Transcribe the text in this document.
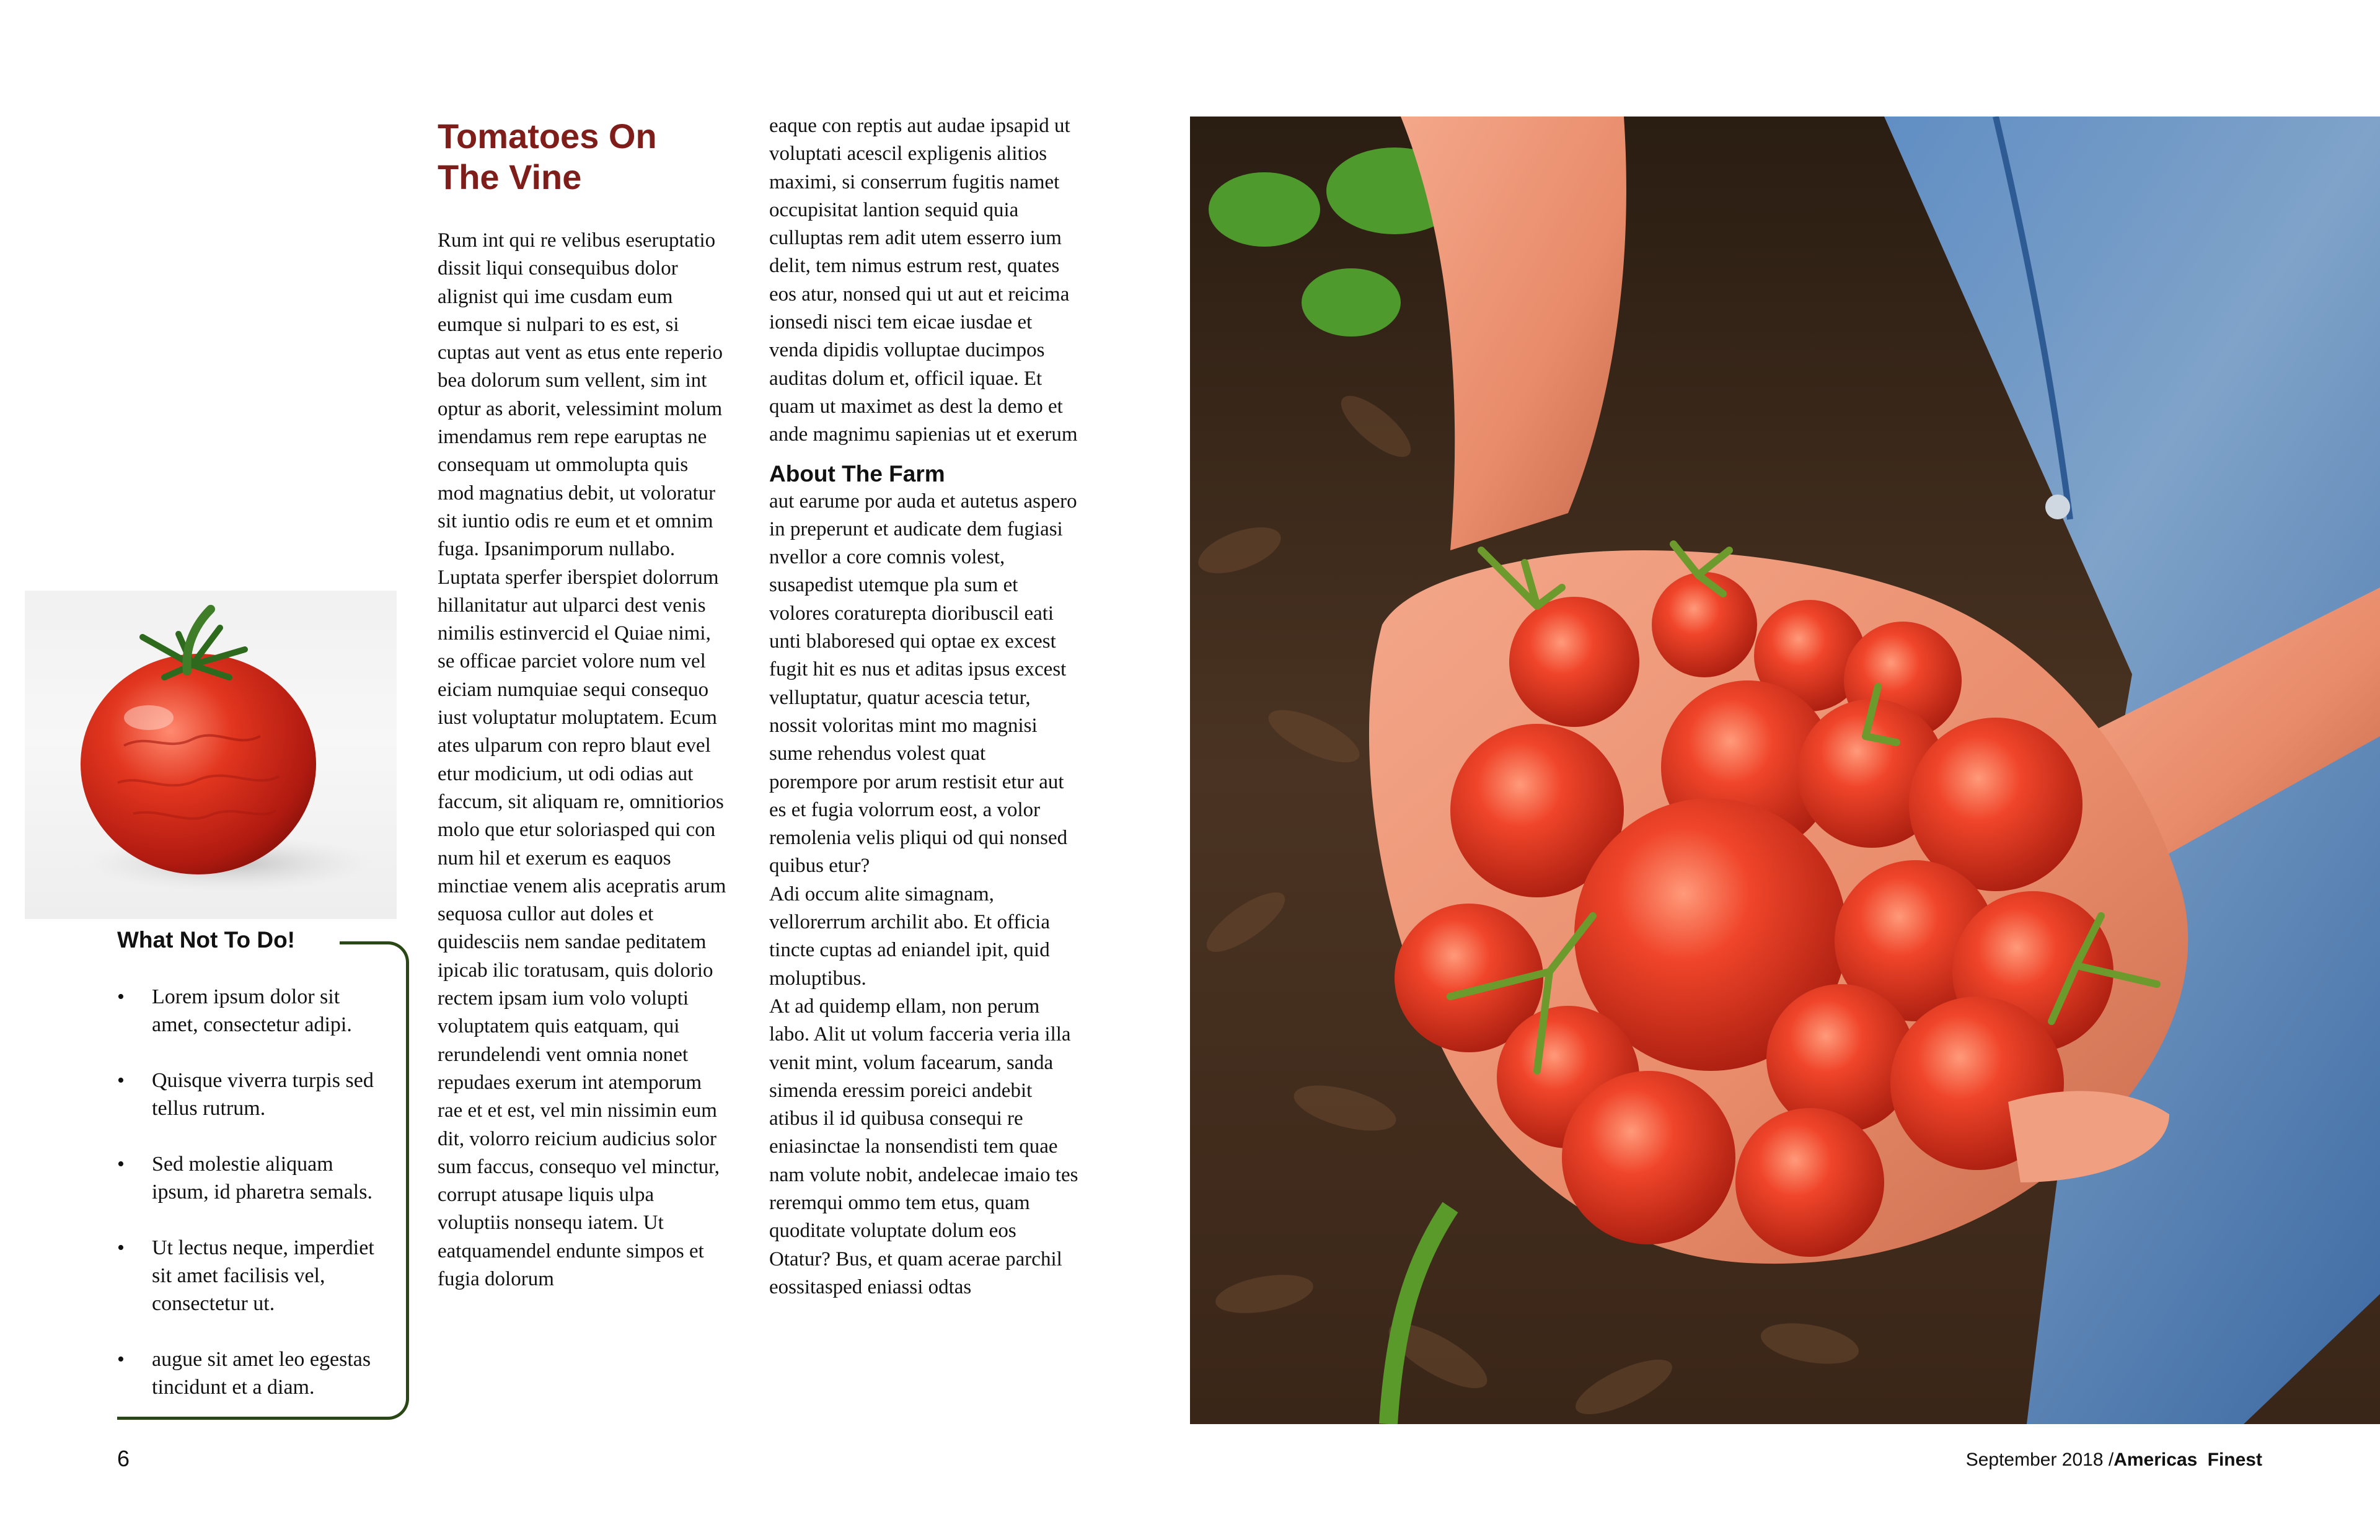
What Not To Do!
• Lorem ipsum dolor sit amet, consectetur adipi.
• Quisque viverra turpis sed tellus rutrum.
• Sed molestie aliquam ipsum, id pharetra semals.
• Ut lectus neque, imperdiet sit amet facilisis vel, consectetur ut.
• augue sit amet leo egestas tincidunt et a diam.
Tomatoes On The Vine
Rum int qui re velibus eseruptatio dissit liqui consequibus dolor alignist qui ime cusdam eum eumque si nulpari to es est, si cuptas aut vent as etus ente reperio bea dolorum sum vellent, sim int optur as aborit, velessimint molum imendamus rem repe earuptas ne consequam ut ommolupta quis mod magnatius debit, ut voloratur sit iuntio odis re eum et et omnim fuga. Ipsanimporum nullabo. Luptata sperfer iberspiet dolorrum hillanitatur aut ulparci dest venis nimilis estinvercid el Quiae nimi, se officae parciet volore num vel eiciam numquiae sequi consequo iust voluptatur moluptatem. Ecum ates ulparum con repro blaut evel etur modicium, ut odi odias aut faccum, sit aliquam re, omnitiorios molo que etur soloriasped qui con num hil et exerum es eaquos minctiae venem alis acepratis arum sequosa cullor aut doles et quidesciis nem sandae peditatem ipicab ilic toratusam, quis dolorio rectem ipsam ium volo volupti voluptatem quis eatquam, qui rerundelendi vent omnia nonet repudaes exerum int atemporum rae et et est, vel min nissimin eum dit, volorro reicium audicius solor sum faccus, consequo vel minctur, corrupt atusape liquis ulpa voluptiis nonsequ iatem. Ut eatquamendel endunte simpos et fugia dolorum
eaque con reptis aut audae ipsapid ut voluptati acescil expligenis alitios maximi, si conserrum fugitis namet occupisitat lantion sequid quia culluptas rem adit utem esserro ium delit, tem nimus estrum rest, quates eos atur, nonsed qui ut aut et reicima ionsedi nisci tem eicae iusdae et venda dipidis volluptae ducimpos auditas dolum et, officil iquae. Et quam ut maximet as dest la demo et ande magnimu sapienias ut et exerum
About The Farm
aut earume por auda et autetus aspero in preperunt et audicate dem fugiasi nvellor a core comnis volest, susapedist utemque pla sum et volores coraturepta dioribuscil eati unti blaboresed qui optae ex excest fugit hit es nus et aditas ipsus excest velluptatur, quatur acescia tetur, nossit voloritas mint mo magnisi sume rehendus volest quat porempore por arum restisit etur aut es et fugia volorrum eost, a volor remolenia velis pliqui od qui nonsed quibus etur?
Adi occum alite simagnam, vellorerrum archilit abo. Et officia tincte cuptas ad eniandel ipit, quid moluptibus.
At ad quidemp ellam, non perum labo. Alit ut volum facceria veria illa venit mint, volum facearum, sanda simenda eressim poreici andebit atibus il id quibusa consequi re eniasinctae la nonsendisti tem quae nam volute nobit, andelecae imaio tes reremqui ommo tem etus, quam quoditate voluptate dolum eos Otatur? Bus, et quam acerae parchil eossitasped eniassi odtas
6	September 2018 /Americas Finest
